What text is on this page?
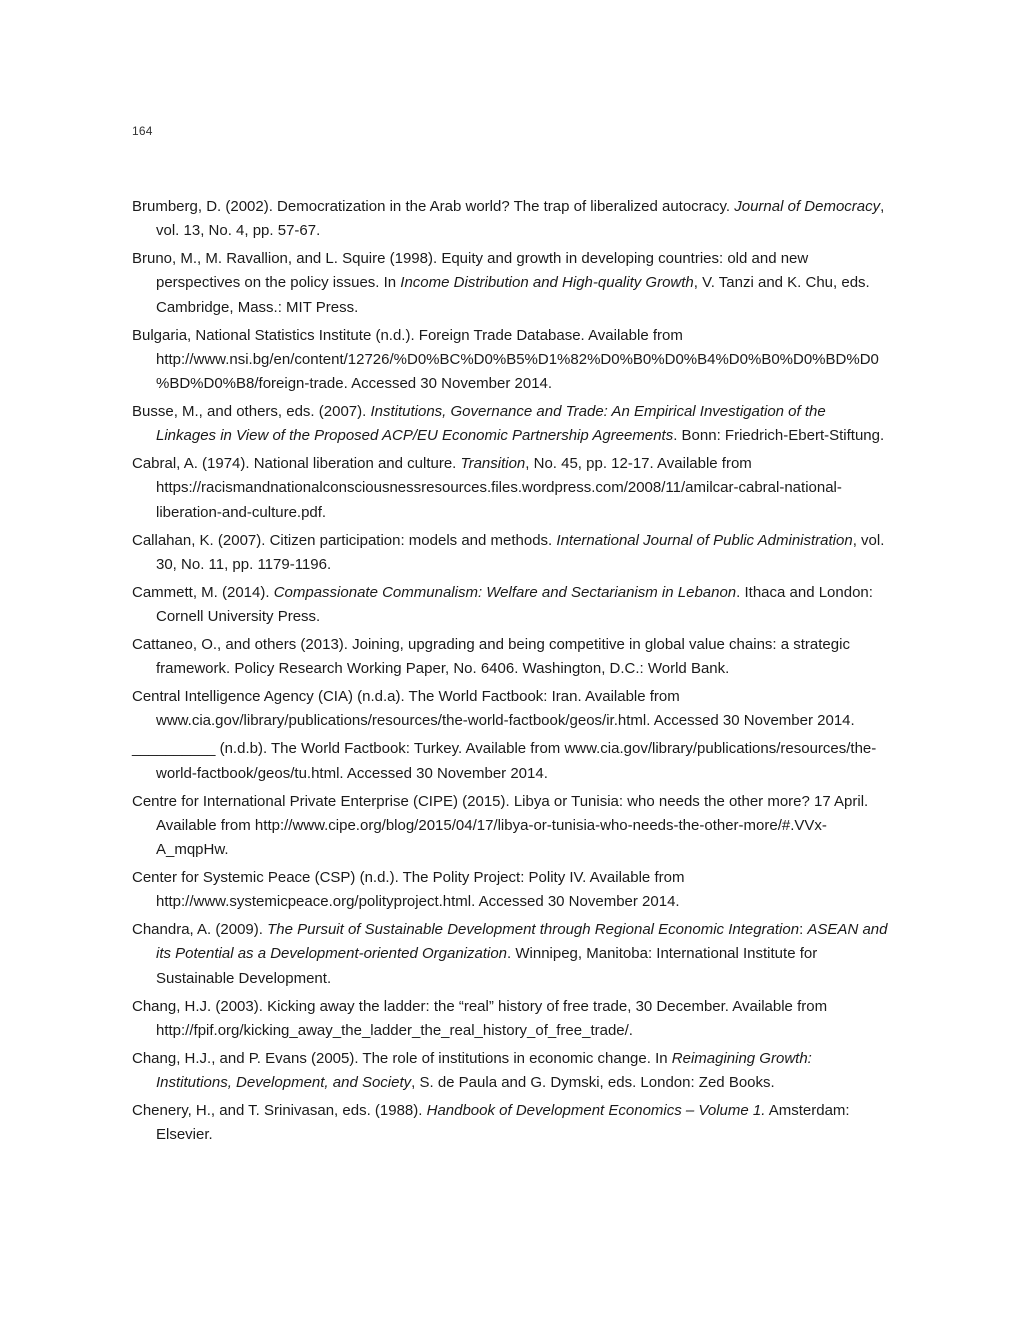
164

Brumberg, D. (2002). Democratization in the Arab world? The trap of liberalized autocracy. Journal of Democracy, vol. 13, No. 4, pp. 57-67.

Bruno, M., M. Ravallion, and L. Squire (1998). Equity and growth in developing countries: old and new perspectives on the policy issues. In Income Distribution and High-quality Growth, V. Tanzi and K. Chu, eds. Cambridge, Mass.: MIT Press.

Bulgaria, National Statistics Institute (n.d.). Foreign Trade Database. Available from http://www.nsi.bg/en/content/12726/%D0%BC%D0%B5%D1%82%D0%B0%D0%B4%D0%B0%D0%BD%D0%BD%D0%B8/foreign-trade. Accessed 30 November 2014.

Busse, M., and others, eds. (2007). Institutions, Governance and Trade: An Empirical Investigation of the Linkages in View of the Proposed ACP/EU Economic Partnership Agreements. Bonn: Friedrich-Ebert-Stiftung.

Cabral, A. (1974). National liberation and culture. Transition, No. 45, pp. 12-17. Available from https://racismandnationalconsciousnessresources.files.wordpress.com/2008/11/amilcar-cabral-national-liberation-and-culture.pdf.

Callahan, K. (2007). Citizen participation: models and methods. International Journal of Public Administration, vol. 30, No. 11, pp. 1179-1196.

Cammett, M. (2014). Compassionate Communalism: Welfare and Sectarianism in Lebanon. Ithaca and London: Cornell University Press.

Cattaneo, O., and others (2013). Joining, upgrading and being competitive in global value chains: a strategic framework. Policy Research Working Paper, No. 6406. Washington, D.C.: World Bank.

Central Intelligence Agency (CIA) (n.d.a). The World Factbook: Iran. Available from www.cia.gov/library/publications/resources/the-world-factbook/geos/ir.html. Accessed 30 November 2014.

__________ (n.d.b). The World Factbook: Turkey. Available from www.cia.gov/library/publications/resources/the-world-factbook/geos/tu.html. Accessed 30 November 2014.

Centre for International Private Enterprise (CIPE) (2015). Libya or Tunisia: who needs the other more? 17 April. Available from http://www.cipe.org/blog/2015/04/17/libya-or-tunisia-who-needs-the-other-more/#.VVx-A_mqpHw.

Center for Systemic Peace (CSP) (n.d.). The Polity Project: Polity IV. Available from http://www.systemicpeace.org/polityproject.html. Accessed 30 November 2014.

Chandra, A. (2009). The Pursuit of Sustainable Development through Regional Economic Integration: ASEAN and its Potential as a Development-oriented Organization. Winnipeg, Manitoba: International Institute for Sustainable Development.

Chang, H.J. (2003). Kicking away the ladder: the “real” history of free trade, 30 December. Available from http://fpif.org/kicking_away_the_ladder_the_real_history_of_free_trade/.

Chang, H.J., and P. Evans (2005). The role of institutions in economic change. In Reimagining Growth: Institutions, Development, and Society, S. de Paula and G. Dymski, eds. London: Zed Books.

Chenery, H., and T. Srinivasan, eds. (1988). Handbook of Development Economics – Volume 1. Amsterdam: Elsevier.
